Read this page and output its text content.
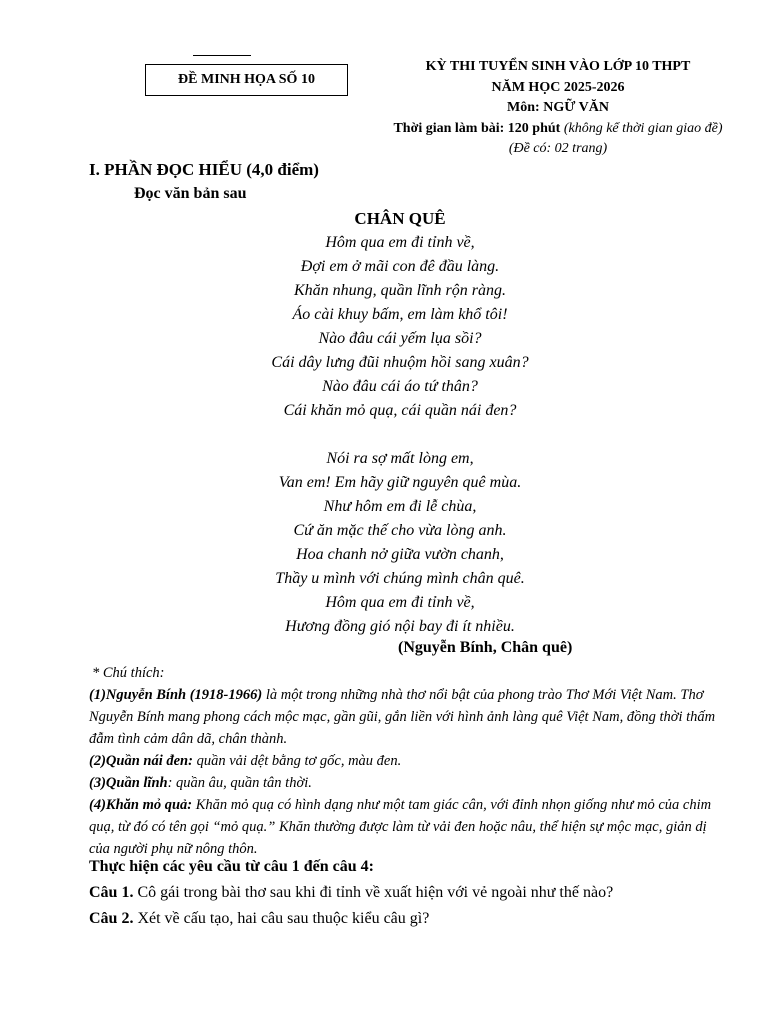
ĐỀ MINH HỌA SỐ 10
KỲ THI TUYỂN SINH VÀO LỚP 10 THPT
NĂM HỌC 2025-2026
Môn: NGỮ VĂN
Thời gian làm bài: 120 phút (không kể thời gian giao đề)
(Đề có: 02 trang)
I. PHẦN ĐỌC HIỂU (4,0 điểm)
Đọc văn bản sau
CHÂN QUÊ
Hôm qua em đi tỉnh về,
Đợi em ở mãi con đê đầu làng.
Khăn nhung, quần lĩnh rộn ràng.
Áo cài khuy bấm, em làm khổ tôi!
Nào đâu cái yếm lụa sồi?
Cái dây lưng đũi nhuộm hồi sang xuân?
Nào đâu cái áo tứ thân?
Cái khăn mỏ quạ, cái quần nái đen?
Nói ra sợ mất lòng em,
Van em! Em hãy giữ nguyên quê mùa.
Như hôm em đi lễ chùa,
Cứ ăn mặc thế cho vừa lòng anh.
Hoa chanh nở giữa vườn chanh,
Thầy u mình với chúng mình chân quê.
Hôm qua em đi tỉnh về,
Hương đồng gió nội bay đi ít nhiều.
(Nguyễn Bính, Chân quê)

* Chú thích:

(1)Nguyễn Bính (1918-1966) là một trong những nhà thơ nổi bật của phong trào Thơ Mới Việt Nam. Thơ Nguyễn Bính mang phong cách mộc mạc, gần gũi, gắn liền với hình ảnh làng quê Việt Nam, đồng thời thấm đẫm tình cảm dân dã, chân thành.

(2)Quần nái đen: quần vải dệt bằng tơ gốc, màu đen.

(3)Quần lĩnh: quần âu, quần tân thời.

(4)Khăn mỏ quả: Khăn mỏ quạ có hình dạng như một tam giác cân, với đỉnh nhọn giống như mỏ của chim quạ, từ đó có tên gọi “mỏ quạ.” Khăn thường được làm từ vải đen hoặc nâu, thể hiện sự mộc mạc, giản dị của người phụ nữ nông thôn.

Thực hiện các yêu cầu từ câu 1 đến câu 4:
Câu 1. Cô gái trong bài thơ sau khi đi tỉnh về xuất hiện với vẻ ngoài như thế nào?
Câu 2. Xét về cấu tạo, hai câu sau thuộc kiểu câu gì?
